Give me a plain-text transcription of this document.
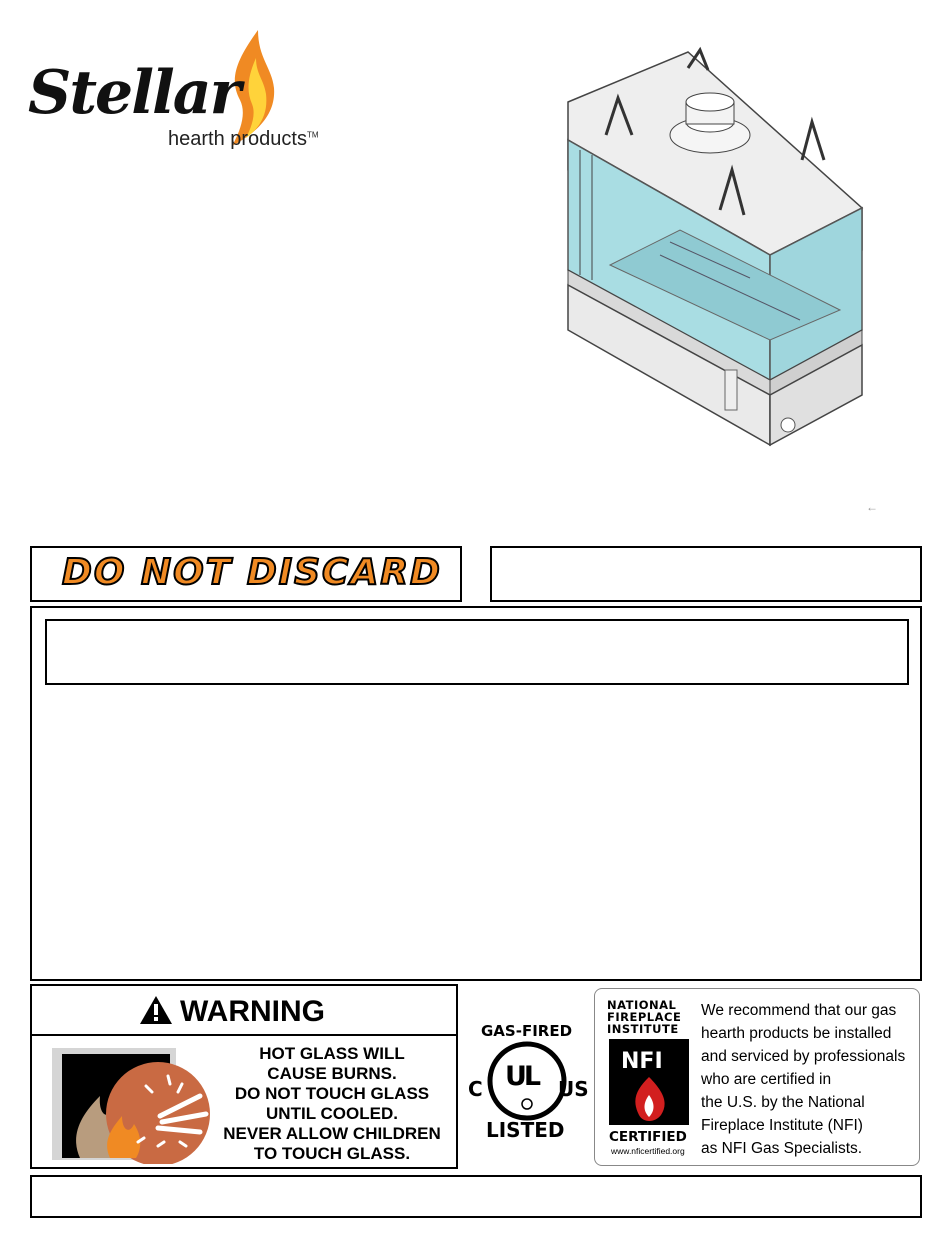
Stellar
hearth products™
←
DO NOT DISCARD
WARNING
HOT GLASS WILL
CAUSE BURNS.
DO NOT TOUCH GLASS
UNTIL COOLED.
NEVER ALLOW CHILDREN
TO TOUCH GLASS.
GAS-FIRED
UL
C	US
LISTED
NATIONAL
FIREPLACE
INSTITUTE
NFI
CERTIFIED
www.nficertified.org
We recommend that our gas
hearth products be installed
and serviced by professionals
who are certified in
the U.S. by the National
Fireplace Institute (NFI)
as NFI Gas Specialists.
